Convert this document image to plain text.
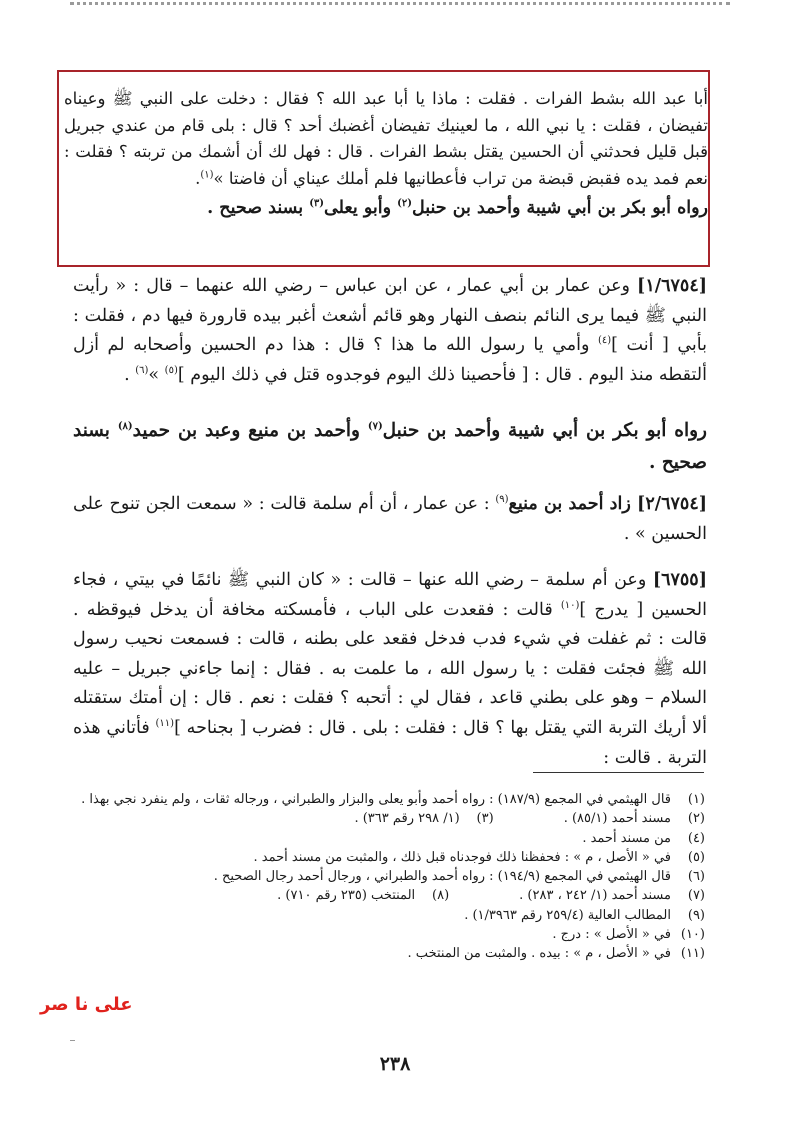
أبا عبد الله بشط الفرات . فقلت : ماذا يا أبا عبد الله ؟ فقال : دخلت على النبي ﷺ وعيناه تفيضان ، فقلت : يا نبي الله ، ما لعينيك تفيضان أغضبك أحد ؟ قال : بلى قام من عندي جبريل قبل قليل فحدثني أن الحسين يقتل بشط الفرات . قال : فهل لك أن أشمك من تربته ؟ فقلت : نعم فمد يده فقبض قبضة من تراب فأعطانيها فلم أملك عيناي أن فاضتا »$^{(١)}$.

رواه أبو بكر بن أبي شيبة وأحمد بن حنبل$^{(٢)}$ وأبو يعلى$^{(٣)}$ بسند صحيح .

[١/٦٧٥٤] وعن عمار بن أبي عمار ، عن ابن عباس – رضي الله عنهما – قال : « رأيت النبي ﷺ فيما يرى النائم بنصف النهار وهو قائم أشعث أغبر بيده قارورة فيها دم ، فقلت : بأبي [ أنت ]$^{(٤)}$ وأمي يا رسول الله ما هذا ؟ قال : هذا دم الحسين وأصحابه لم أزل ألتقطه منذ اليوم . قال : [ فأحصينا ذلك اليوم فوجدوه قتل في ذلك اليوم ]$^{(٥)}$ »$^{(٦)}$ .

رواه أبو بكر بن أبي شيبة وأحمد بن حنبل$^{(٧)}$ وأحمد بن منيع وعبد بن حميد$^{(٨)}$ بسند صحيح .

[٢/٦٧٥٤] زاد أحمد بن منيع$^{(٩)}$ : عن عمار ، أن أم سلمة قالت : « سمعت الجن تنوح على الحسين » .

[٦٧٥٥] وعن أم سلمة – رضي الله عنها – قالت : « كان النبي ﷺ نائمًا في بيتي ، فجاء الحسين [ يدرج ]$^{(١٠)}$ قالت : فقعدت على الباب ، فأمسكته مخافة أن يدخل فيوقظه . قالت : ثم غفلت في شيء فدب فدخل فقعد على بطنه ، قالت : فسمعت نحيب رسول الله ﷺ فجئت فقلت : يا رسول الله ، ما علمت به . فقال : إنما جاءني جبريل – عليه السلام – وهو على بطني قاعد ، فقال لي : أتحبه ؟ فقلت : نعم . قال : إن أمتك ستقتله ألا أريك التربة التي يقتل بها ؟ قال : فقلت : بلى . قال : فضرب [ بجناحه ]$^{(١١)}$ فأتاني هذه التربة . قالت :

(١)
قال الهيثمي في المجمع (١٨٧/٩) : رواه أحمد وأبو يعلى والبزار والطبراني ، ورجاله ثقات ، ولم ينفرد نجي بهذا .
(٢)
مسند أحمد (٨٥/١) .
(٣)
(١/ ٢٩٨ رقم ٣٦٣) .
(٤)
من مسند أحمد .
(٥)
في « الأصل ، م » : فحفظنا ذلك فوجدناه قبل ذلك ، والمثبت من مسند أحمد .
(٦)
قال الهيثمي في المجمع (١٩٤/٩) : رواه أحمد والطبراني ، ورجال أحمد رجال الصحيح .
(٧)
مسند أحمد (١/ ٢٤٢ ، ٢٨٣) .
(٨)
المنتخب (٢٣٥ رقم ٧١٠) .
(٩)
المطالب العالية (٢٥٩/٤ رقم ١/٣٩٦٣) .
(١٠)
في « الأصل » : درج .
(١١)
في « الأصل ، م » : بيده . والمثبت من المنتخب .
على نا صر
٢٣٨
